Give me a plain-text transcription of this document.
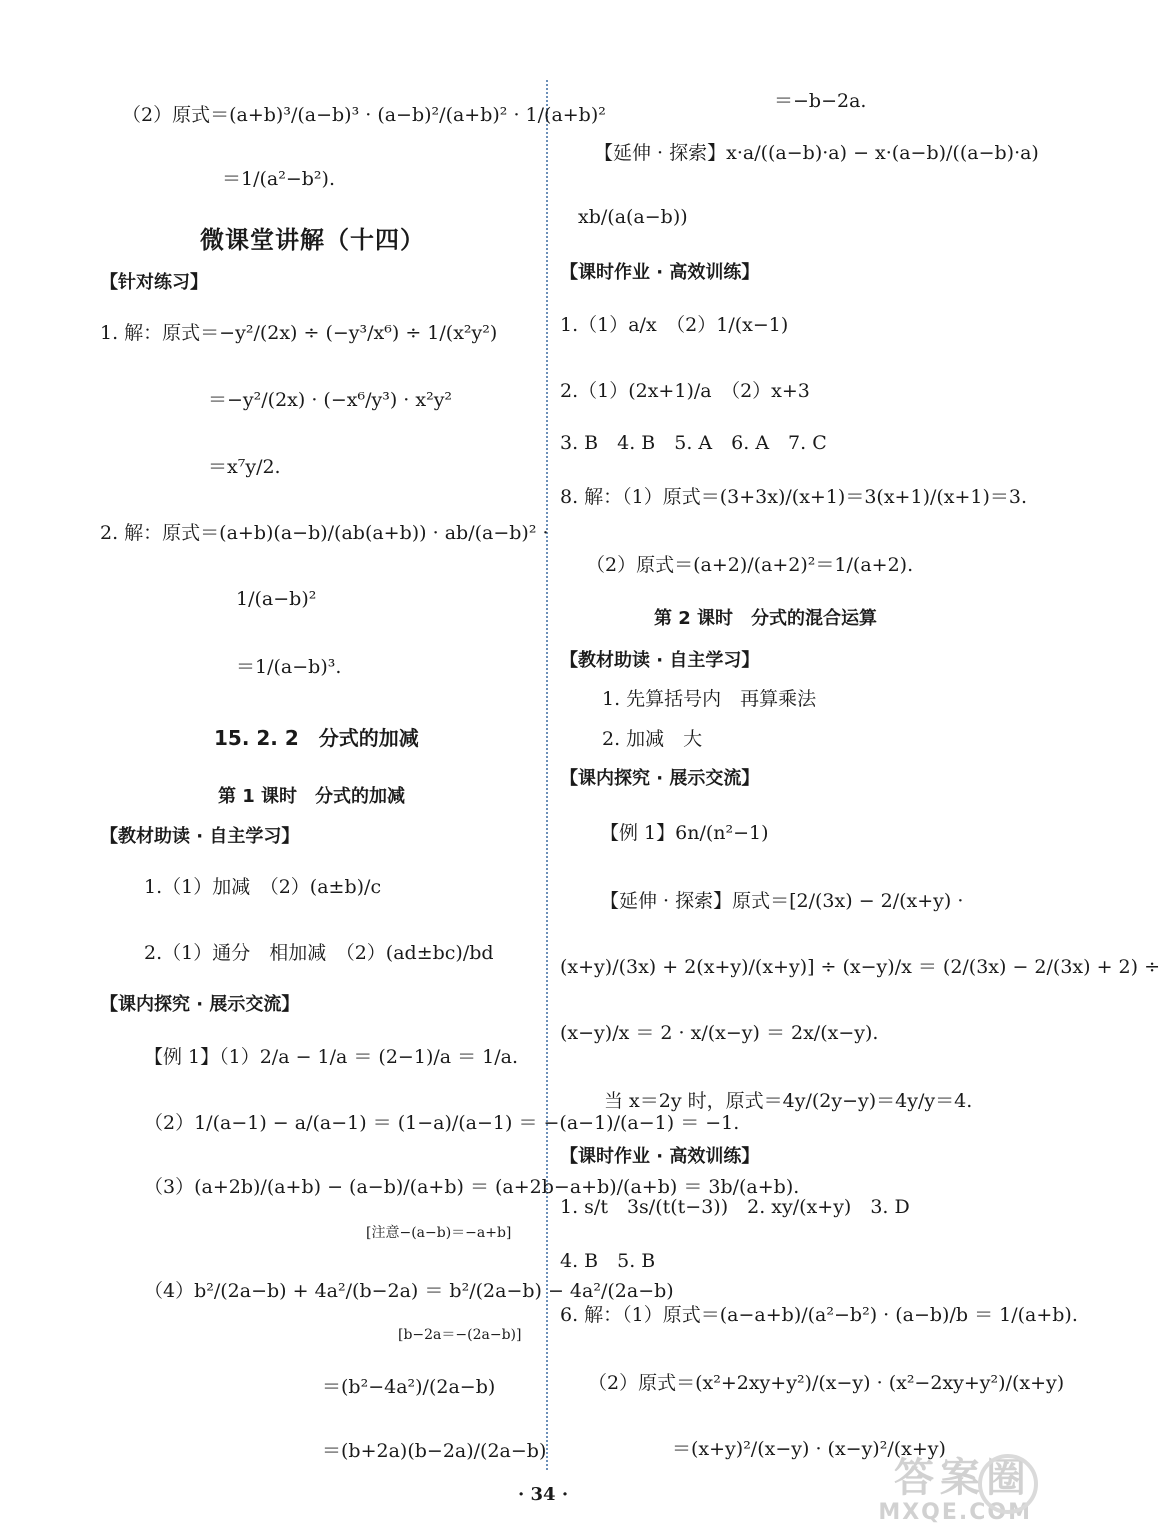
（2）原式＝(a+b)³/(a−b)³ · (a−b)²/(a+b)² · 1/(a+b)²
＝1/(a²−b²).
微课堂讲解（十四）
【针对练习】
1. 解：原式＝−y²/(2x) ÷ (−y³/x⁶) ÷ 1/(x²y²)
＝−y²/(2x) · (−x⁶/y³) · x²y²
＝x⁷y/2.
2. 解：原式＝(a+b)(a−b)/(ab(a+b)) · ab/(a−b)² ·
1/(a−b)²
＝1/(a−b)³.
15. 2. 2　分式的加减
第 1 课时　分式的加减
【教材助读 · 自主学习】
1.（1）加减　（2）(a±b)/c
2.（1）通分　相加减　（2）(ad±bc)/bd
【课内探究 · 展示交流】
【例 1】（1）2/a − 1/a ＝ (2−1)/a ＝ 1/a.
（2）1/(a−1) − a/(a−1) ＝ (1−a)/(a−1) ＝ −(a−1)/(a−1) ＝ −1.
（3）(a+2b)/(a+b) − (a−b)/(a+b) ＝ (a+2b−a+b)/(a+b) ＝ 3b/(a+b).
[注意−(a−b)＝−a+b]
（4）b²/(2a−b) + 4a²/(b−2a) ＝ b²/(2a−b) − 4a²/(2a−b)
[b−2a＝−(2a−b)]
＝(b²−4a²)/(2a−b)
＝(b+2a)(b−2a)/(2a−b)
＝−b−2a.
【延伸 · 探索】x·a/((a−b)·a) − x·(a−b)/((a−b)·a)
xb/(a(a−b))
【课时作业 · 高效训练】
1.（1）a/x　（2）1/(x−1)
2.（1）(2x+1)/a　（2）x+3
3. B　4. B　5. A　6. A　7. C
8. 解：（1）原式＝(3+3x)/(x+1)＝3(x+1)/(x+1)＝3.
（2）原式＝(a+2)/(a+2)²＝1/(a+2).
第 2 课时　分式的混合运算
【教材助读 · 自主学习】
1. 先算括号内　再算乘法
2. 加减　大
【课内探究 · 展示交流】
【例 1】6n/(n²−1)
【延伸 · 探索】原式＝[2/(3x) − 2/(x+y) ·
(x+y)/(3x) + 2(x+y)/(x+y)] ÷ (x−y)/x ＝ (2/(3x) − 2/(3x) + 2) ÷
(x−y)/x ＝ 2 · x/(x−y) ＝ 2x/(x−y).
当 x＝2y 时，原式＝4y/(2y−y)＝4y/y＝4.
【课时作业 · 高效训练】
1. s/t　3s/(t(t−3))　2. xy/(x+y)　3. D
4. B　5. B
6. 解：（1）原式＝(a−a+b)/(a²−b²) · (a−b)/b ＝ 1/(a+b).
（2）原式＝(x²+2xy+y²)/(x−y) · (x²−2xy+y²)/(x+y)
＝(x+y)²/(x−y) · (x−y)²/(x+y)
· 34 ·	答案圈
MXQE.COM
